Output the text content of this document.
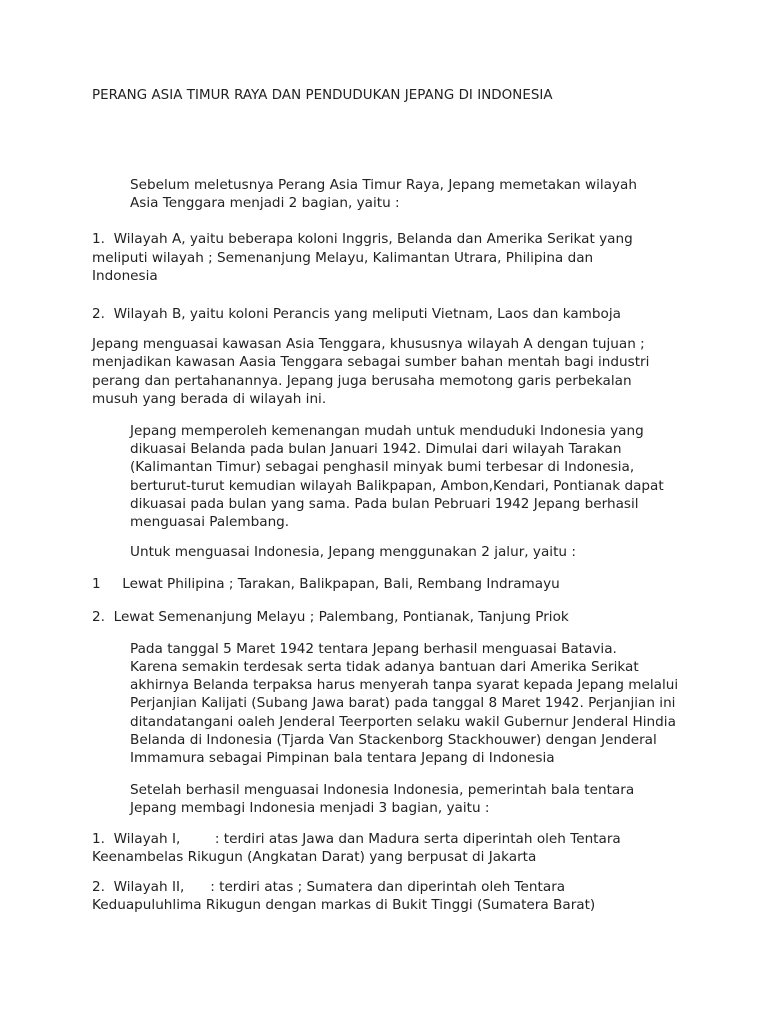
PERANG ASIA TIMUR RAYA DAN PENDUDUKAN JEPANG DI INDONESIA

Sebelum meletusnya Perang Asia Timur Raya, Jepang memetakan wilayah
Asia Tenggara menjadi 2 bagian, yaitu :

1.  Wilayah A, yaitu beberapa koloni Inggris, Belanda dan Amerika Serikat yang
meliputi wilayah ; Semenanjung Melayu, Kalimantan Utrara, Philipina dan
Indonesia

2.  Wilayah B, yaitu koloni Perancis yang meliputi Vietnam, Laos dan kamboja

Jepang menguasai kawasan Asia Tenggara, khususnya wilayah A dengan tujuan ;
menjadikan kawasan Aasia Tenggara sebagai sumber bahan mentah bagi industri
perang dan pertahanannya. Jepang juga berusaha memotong garis perbekalan
musuh yang berada di wilayah ini.

Jepang memperoleh kemenangan mudah untuk menduduki Indonesia yang
dikuasai Belanda pada bulan Januari 1942. Dimulai dari wilayah Tarakan
(Kalimantan Timur) sebagai penghasil minyak bumi terbesar di Indonesia,
berturut-turut kemudian wilayah Balikpapan, Ambon,Kendari, Pontianak dapat
dikuasai pada bulan yang sama. Pada bulan Pebruari 1942 Jepang berhasil
menguasai Palembang.

Untuk menguasai Indonesia, Jepang menggunakan 2 jalur, yaitu :

1     Lewat Philipina ; Tarakan, Balikpapan, Bali, Rembang Indramayu

2.  Lewat Semenanjung Melayu ; Palembang, Pontianak, Tanjung Priok

Pada tanggal 5 Maret 1942 tentara Jepang berhasil menguasai Batavia.
Karena semakin terdesak serta tidak adanya bantuan dari Amerika Serikat
akhirnya Belanda terpaksa harus menyerah tanpa syarat kepada Jepang melalui
Perjanjian Kalijati (Subang Jawa barat) pada tanggal 8 Maret 1942. Perjanjian ini
ditandatangani oaleh Jenderal Teerporten selaku wakil Gubernur Jenderal Hindia
Belanda di Indonesia (Tjarda Van Stackenborg Stackhouwer) dengan Jenderal
Immamura sebagai Pimpinan bala tentara Jepang di Indonesia

Setelah berhasil menguasai Indonesia Indonesia, pemerintah bala tentara
Jepang membagi Indonesia menjadi 3 bagian, yaitu :

1.  Wilayah I,        : terdiri atas Jawa dan Madura serta diperintah oleh Tentara
Keenambelas Rikugun (Angkatan Darat) yang berpusat di Jakarta

2.  Wilayah II,      : terdiri atas ; Sumatera dan diperintah oleh Tentara
Keduapuluhlima Rikugun dengan markas di Bukit Tinggi (Sumatera Barat)
